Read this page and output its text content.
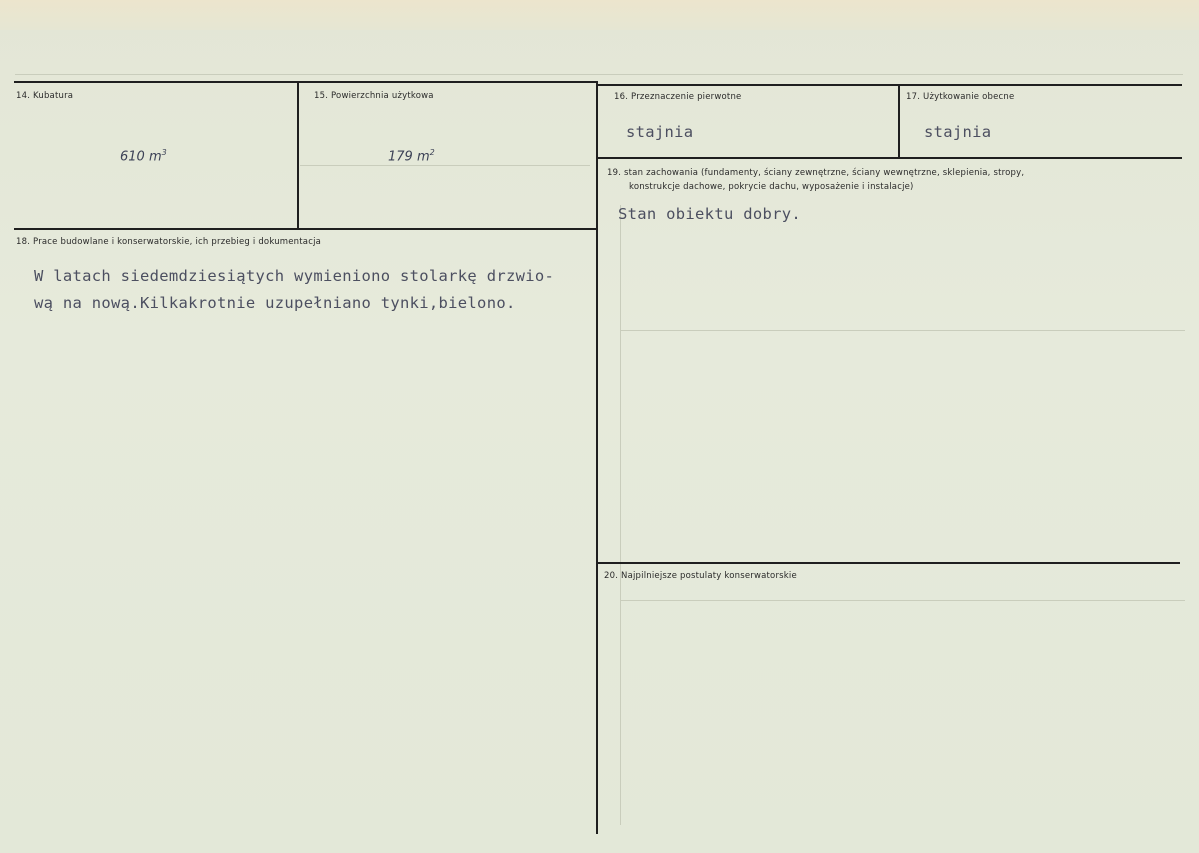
14. Kubatura
610 $m^3$
15. Powierzchnia użytkowa
179 $m^2$
16. Przeznaczenie pierwotne
stajnia
17. Użytkowanie obecne
stajnia
18. Prace budowlane i konserwatorskie, ich przebieg i dokumentacja
W latach siedemdziesiątych wymieniono stolarkę drzwio-
wą na nową.Kilkakrotnie uzupełniano tynki,bielono.
19. stan zachowania (fundamenty, ściany zewnętrzne, ściany wewnętrzne, sklepienia, stropy,
konstrukcje dachowe, pokrycie dachu, wyposażenie i instalacje)
Stan obiektu dobry.
20. Najpilniejsze postulaty konserwatorskie
